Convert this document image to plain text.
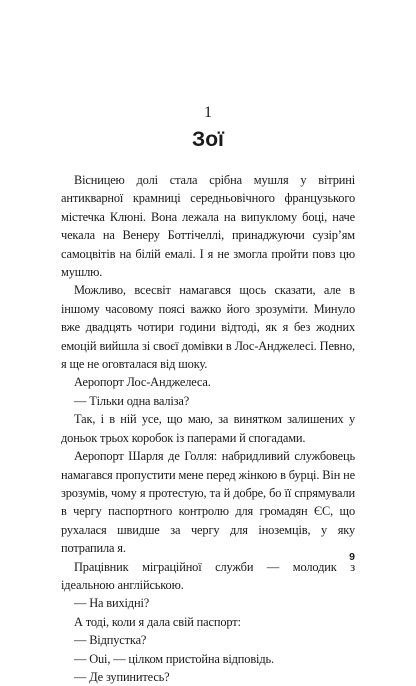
1
Зої

Вісницею долі стала срібна мушля у вітрині антикварної крамниці середньовічного французького містечка Клюні. Вона лежала на випуклому боці, наче чекала на Венеру Боттічеллі, принаджуючи сузір’ям самоцвітів на білій емалі. І я не змогла пройти повз цю мушлю.

Можливо, всесвіт намагався щось сказати, але в іншому часовому поясі важко його зрозуміти. Минуло вже двадцять чотири години відтоді, як я без жодних емоцій вийшла зі своєї домівки в Лос-Анджелесі. Певно, я ще не оговталася від шоку.

Аеропорт Лос-Анджелеса.

— Тільки одна валіза?

Так, і в ній усе, що маю, за винятком залишених у доньок трьох коробок із паперами й спогадами.

Аеропорт Шарля де Голля: набридливий службовець намагався пропустити мене перед жінкою в бурці. Він не зрозумів, чому я протестую, та й добре, бо її спрямували в чергу паспортного контролю для громадян ЄС, що рухалася швидше за чергу для іноземців, у яку потрапила я.

Працівник міграційної служби — молодик з ідеальною англійською.

— На вихідні?

А тоді, коли я дала свій паспорт:

— Відпустка?

— Oui, — цілком пристойна відповідь.

— Де зупинитесь?

9
